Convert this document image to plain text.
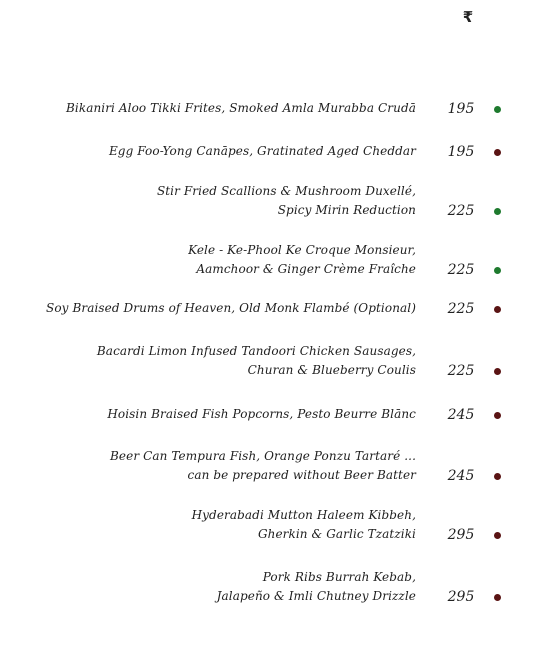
₹
Bikaniri Aloo Tikki Frites, Smoked Amla Murabba Crudā	195
Egg Foo-Yong Canāpes, Gratinated Aged Cheddar	195
Stir Fried Scallions & Mushroom Duxellé,
Spicy Mirin Reduction	225
Kele - Ke-Phool Ke Croque Monsieur,
Aamchoor & Ginger Crème Fraîche	225
Soy Braised Drums of Heaven, Old Monk Flambé (Optional)	225
Bacardi Limon Infused Tandoori Chicken Sausages,
Churan & Blueberry Coulis	225
Hoisin Braised Fish Popcorns, Pesto Beurre Blānc	245
Beer Can Tempura Fish, Orange Ponzu Tartaré ...
can be prepared without Beer Batter	245
Hyderabadi Mutton Haleem Kibbeh,
Gherkin & Garlic Tzatziki	295
Pork Ribs Burrah Kebab,
Jalapeño & Imli Chutney Drizzle	295
